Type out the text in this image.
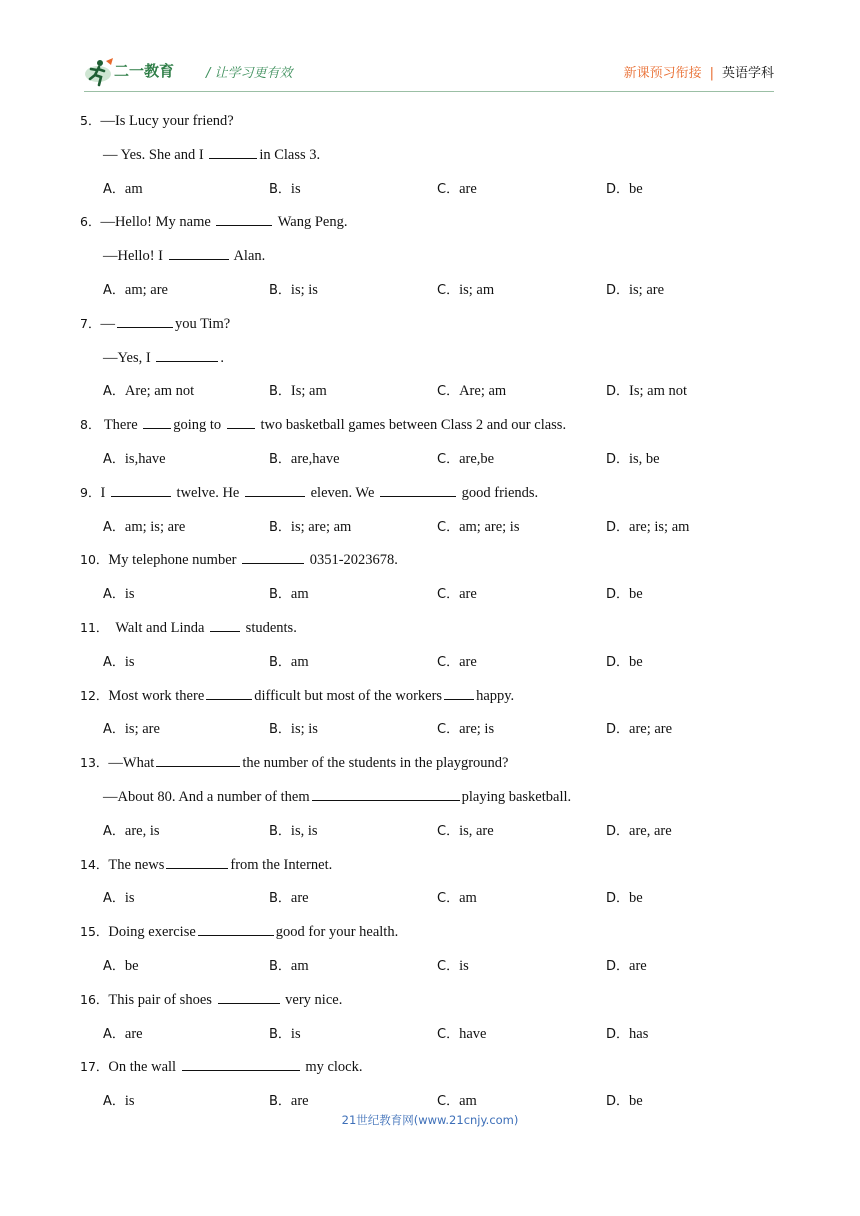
二一教育 / 让学习更有效	新课预习衔接 | 英语学科
5．—Is Lucy your friend?
— Yes. She and I	in Class 3.
A．am	B．is	C．are	D．be
6．—Hello! My name	Wang Peng.
—Hello! I	Alan.
A．am; are	B．is; is	C．is; am	D．is; are
7．—	you Tim?
—Yes, I	.
A．Are; am not	B．Is; am	C．Are; am	D．Is; am not
8． There going to  two basketball games between Class 2 and our class.
A．is,have	B．are,have	C．are,be	D．is, be
9．I	twelve. He	eleven. We	good friends.
A．am; is; are	B．is; are; am	C．am; are; is	D．are; is; am
10．My telephone number	0351-2023678.
A．is	B．am	C．are	D．be
11．  Walt and Linda  students.
A．is	B．am	C．are	D．be
12．Most work there	difficult but most of the workers happy.
A．is; are	B．is; is	C．are; is	D．are; are
13．—What	the number of the students in the playground?
—About 80. And a number of them	playing basketball.
A．are, is	B．is, is	C．is, are	D．are, are
14．The news	from the Internet.
A．is	B．are	C．am	D．be
15．Doing exercise	good for your health.
A．be	B．am	C．is	D．are
16．This pair of shoes	very nice.
A．are	B．is	C．have	D．has
17．On the wall	my clock.
A．is	B．are	C．am	D．be
21世纪教育网(www.21cnjy.com)
